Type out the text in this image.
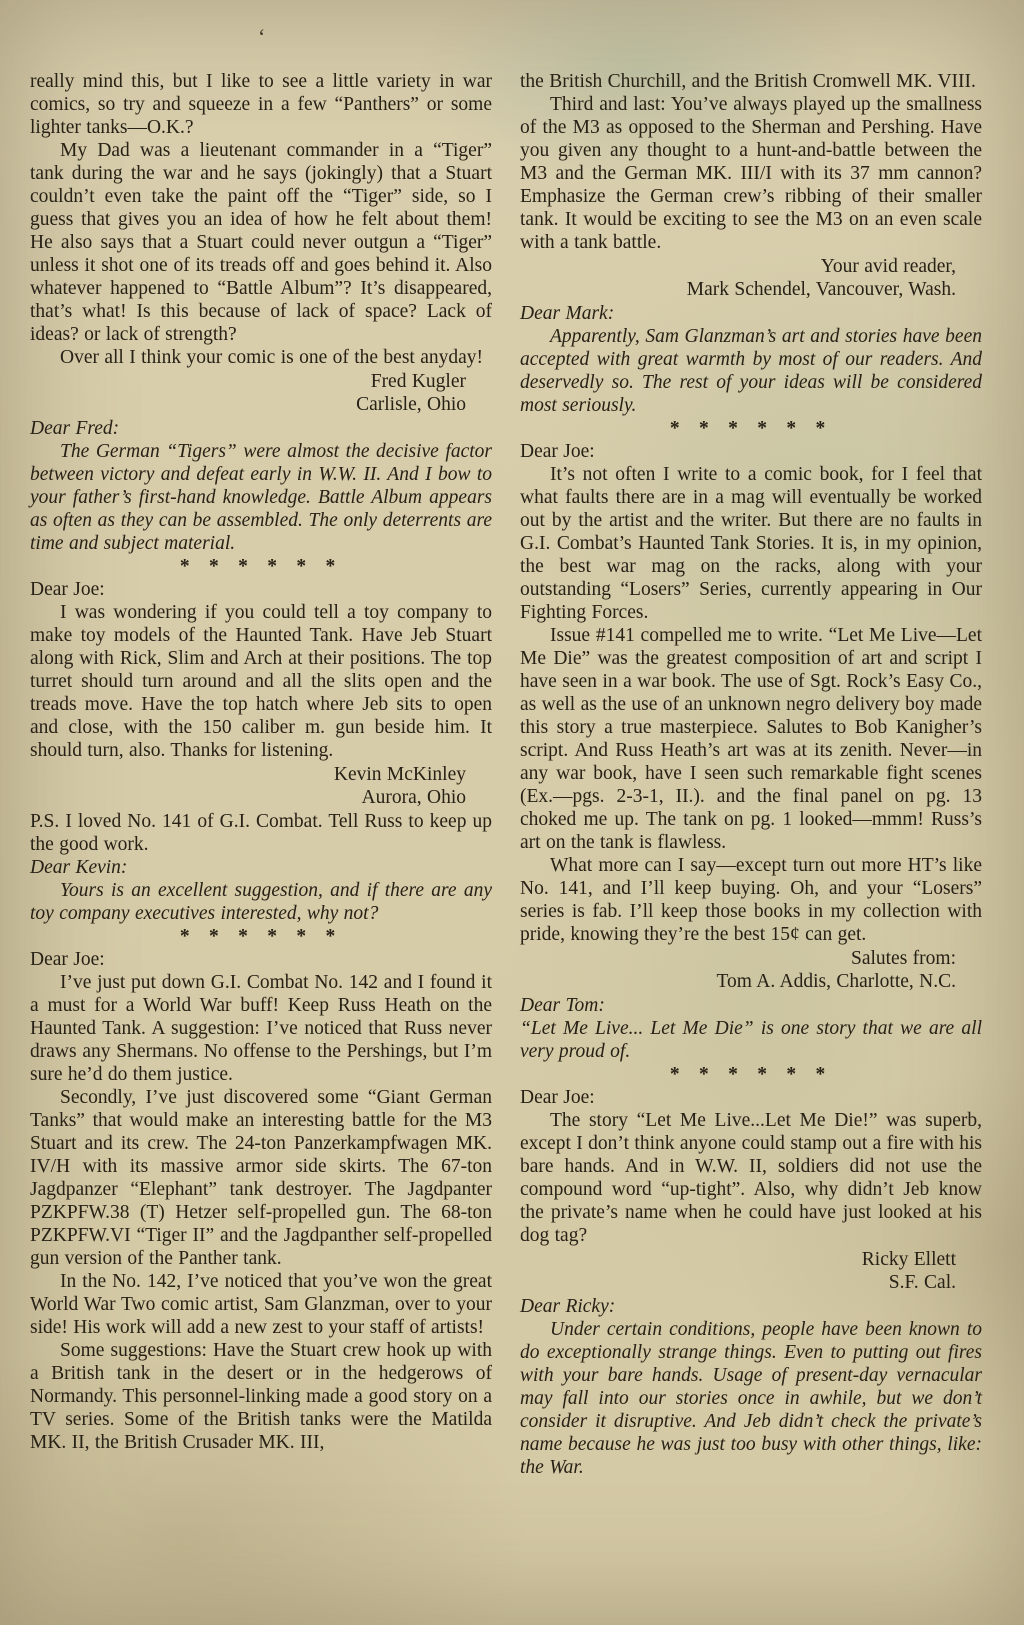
‘

really mind this, but I like to see a little variety in war comics, so try and squeeze in a few “Panthers” or some lighter tanks—O.K.?

My Dad was a lieutenant commander in a “Tiger” tank during the war and he says (jokingly) that a Stuart couldn’t even take the paint off the “Tiger” side, so I guess that gives you an idea of how he felt about them! He also says that a Stuart could never outgun a “Tiger” unless it shot one of its treads off and goes behind it. Also whatever happened to “Battle Album”? It’s disappeared, that’s what! Is this because of lack of space? Lack of ideas? or lack of strength?

Over all I think your comic is one of the best anyday!

Fred Kugler
Carlisle, Ohio

Dear Fred:

The German “Tigers” were almost the decisive factor between victory and defeat early in W.W. II. And I bow to your father’s first-hand knowledge. Battle Album appears as often as they can be assembled. The only deterrents are time and subject material.

* * * * * *

Dear Joe:

I was wondering if you could tell a toy company to make toy models of the Haunted Tank. Have Jeb Stuart along with Rick, Slim and Arch at their positions. The top turret should turn around and all the slits open and the treads move. Have the top hatch where Jeb sits to open and close, with the 150 caliber m. gun beside him. It should turn, also. Thanks for listening.

Kevin McKinley
Aurora, Ohio

P.S. I loved No. 141 of G.I. Combat. Tell Russ to keep up the good work.

Dear Kevin:

Yours is an excellent suggestion, and if there are any toy company executives interested, why not?

* * * * * *

Dear Joe:

I’ve just put down G.I. Combat No. 142 and I found it a must for a World War buff! Keep Russ Heath on the Haunted Tank. A suggestion: I’ve noticed that Russ never draws any Shermans. No offense to the Pershings, but I’m sure he’d do them justice.

Secondly, I’ve just discovered some “Giant German Tanks” that would make an interesting battle for the M3 Stuart and its crew. The 24-ton Panzerkampfwagen MK. IV/H with its massive armor side skirts. The 67-ton Jagdpanzer “Elephant” tank destroyer. The Jagdpanter PZKPFW.38 (T) Hetzer self-propelled gun. The 68-ton PZKPFW.VI “Tiger II” and the Jagdpanther self-propelled gun version of the Panther tank.

In the No. 142, I’ve noticed that you’ve won the great World War Two comic artist, Sam Glanzman, over to your side! His work will add a new zest to your staff of artists!

Some suggestions: Have the Stuart crew hook up with a British tank in the desert or in the hedgerows of Normandy. This personnel-linking made a good story on a TV series. Some of the British tanks were the Matilda MK. II, the British Crusader MK. III,

the British Churchill, and the British Cromwell MK. VIII.

Third and last: You’ve always played up the smallness of the M3 as opposed to the Sherman and Pershing. Have you given any thought to a hunt-and-battle between the M3 and the German MK. III/I with its 37 mm cannon? Emphasize the German crew’s ribbing of their smaller tank. It would be exciting to see the M3 on an even scale with a tank battle.

Your avid reader,
Mark Schendel, Vancouver, Wash.

Dear Mark:

Apparently, Sam Glanzman’s art and stories have been accepted with great warmth by most of our readers. And deservedly so. The rest of your ideas will be considered most seriously.

* * * * * *

Dear Joe:

It’s not often I write to a comic book, for I feel that what faults there are in a mag will eventually be worked out by the artist and the writer. But there are no faults in G.I. Combat’s Haunted Tank Stories. It is, in my opinion, the best war mag on the racks, along with your outstanding “Losers” Series, currently appearing in Our Fighting Forces.

Issue #141 compelled me to write. “Let Me Live—Let Me Die” was the greatest composition of art and script I have seen in a war book. The use of Sgt. Rock’s Easy Co., as well as the use of an unknown negro delivery boy made this story a true masterpiece. Salutes to Bob Kanigher’s script. And Russ Heath’s art was at its zenith. Never—in any war book, have I seen such remarkable fight scenes (Ex.—pgs. 2-3-1, II.). and the final panel on pg. 13 choked me up. The tank on pg. 1 looked—mmm! Russ’s art on the tank is flawless.

What more can I say—except turn out more HT’s like No. 141, and I’ll keep buying. Oh, and your “Losers” series is fab. I’ll keep those books in my collection with pride, knowing they’re the best 15¢ can get.

Salutes from:
Tom A. Addis, Charlotte, N.C.

Dear Tom:

“Let Me Live... Let Me Die” is one story that we are all very proud of.

* * * * * *

Dear Joe:

The story “Let Me Live...Let Me Die!” was superb, except I don’t think anyone could stamp out a fire with his bare hands. And in W.W. II, soldiers did not use the compound word “up-tight”. Also, why didn’t Jeb know the private’s name when he could have just looked at his dog tag?

Ricky Ellett
S.F. Cal.

Dear Ricky:

Under certain conditions, people have been known to do exceptionally strange things. Even to putting out fires with your bare hands. Usage of present-day vernacular may fall into our stories once in awhile, but we don’t consider it disruptive. And Jeb didn’t check the private’s name because he was just too busy with other things, like: the War.
